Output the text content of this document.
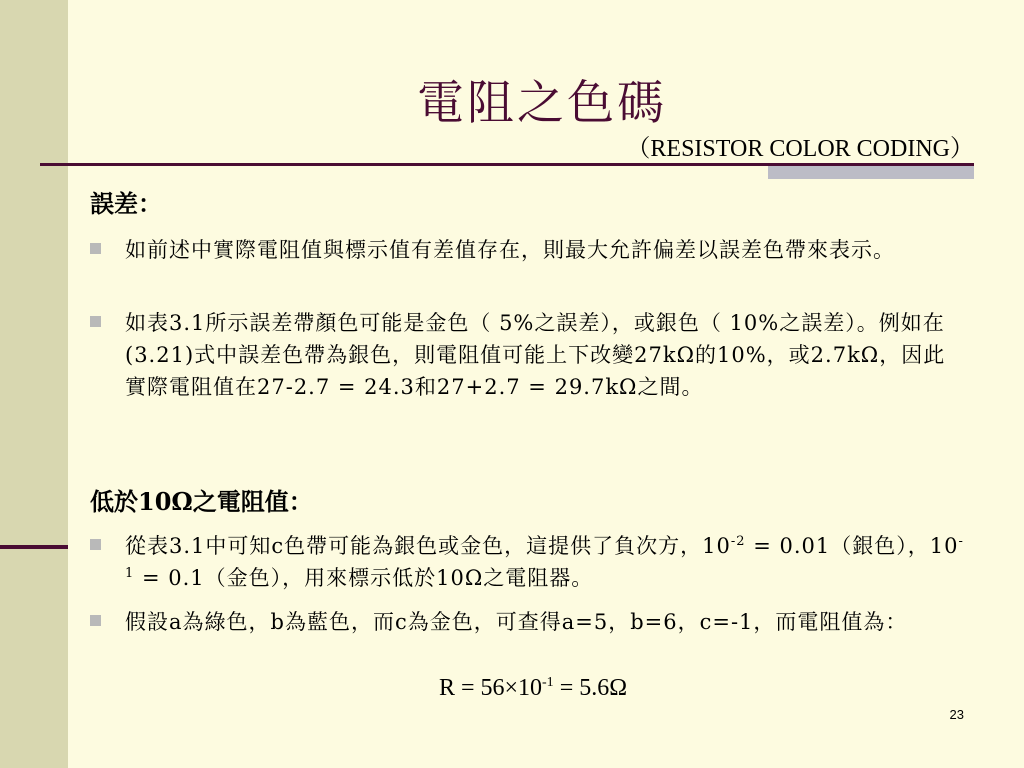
電阻之色碼
（RESISTOR COLOR CODING）
誤差：
如前述中實際電阻值與標示值有差值存在，則最大允許偏差以誤差色帶來表示。
如表3.1所示誤差帶顏色可能是金色（ 5%之誤差），或銀色（ 10%之誤差）。例如在(3.21)式中誤差色帶為銀色，則電阻值可能上下改變27kΩ的10%，或2.7kΩ，因此實際電阻值在27-2.7 = 24.3和27+2.7 = 29.7kΩ之間。
低於10Ω之電阻值：
從表3.1中可知c色帶可能為銀色或金色，這提供了負次方，$10^{-2} = 0.01$（銀色），$10^{-1} = 0.1$（金色），用來標示低於10Ω之電阻器。
假設a為綠色，b為藍色，而c為金色，可查得a=5，b=6，c=-1，而電阻值為：
$R = 56\times 10^{-1} = 5.6\Omega$
23
